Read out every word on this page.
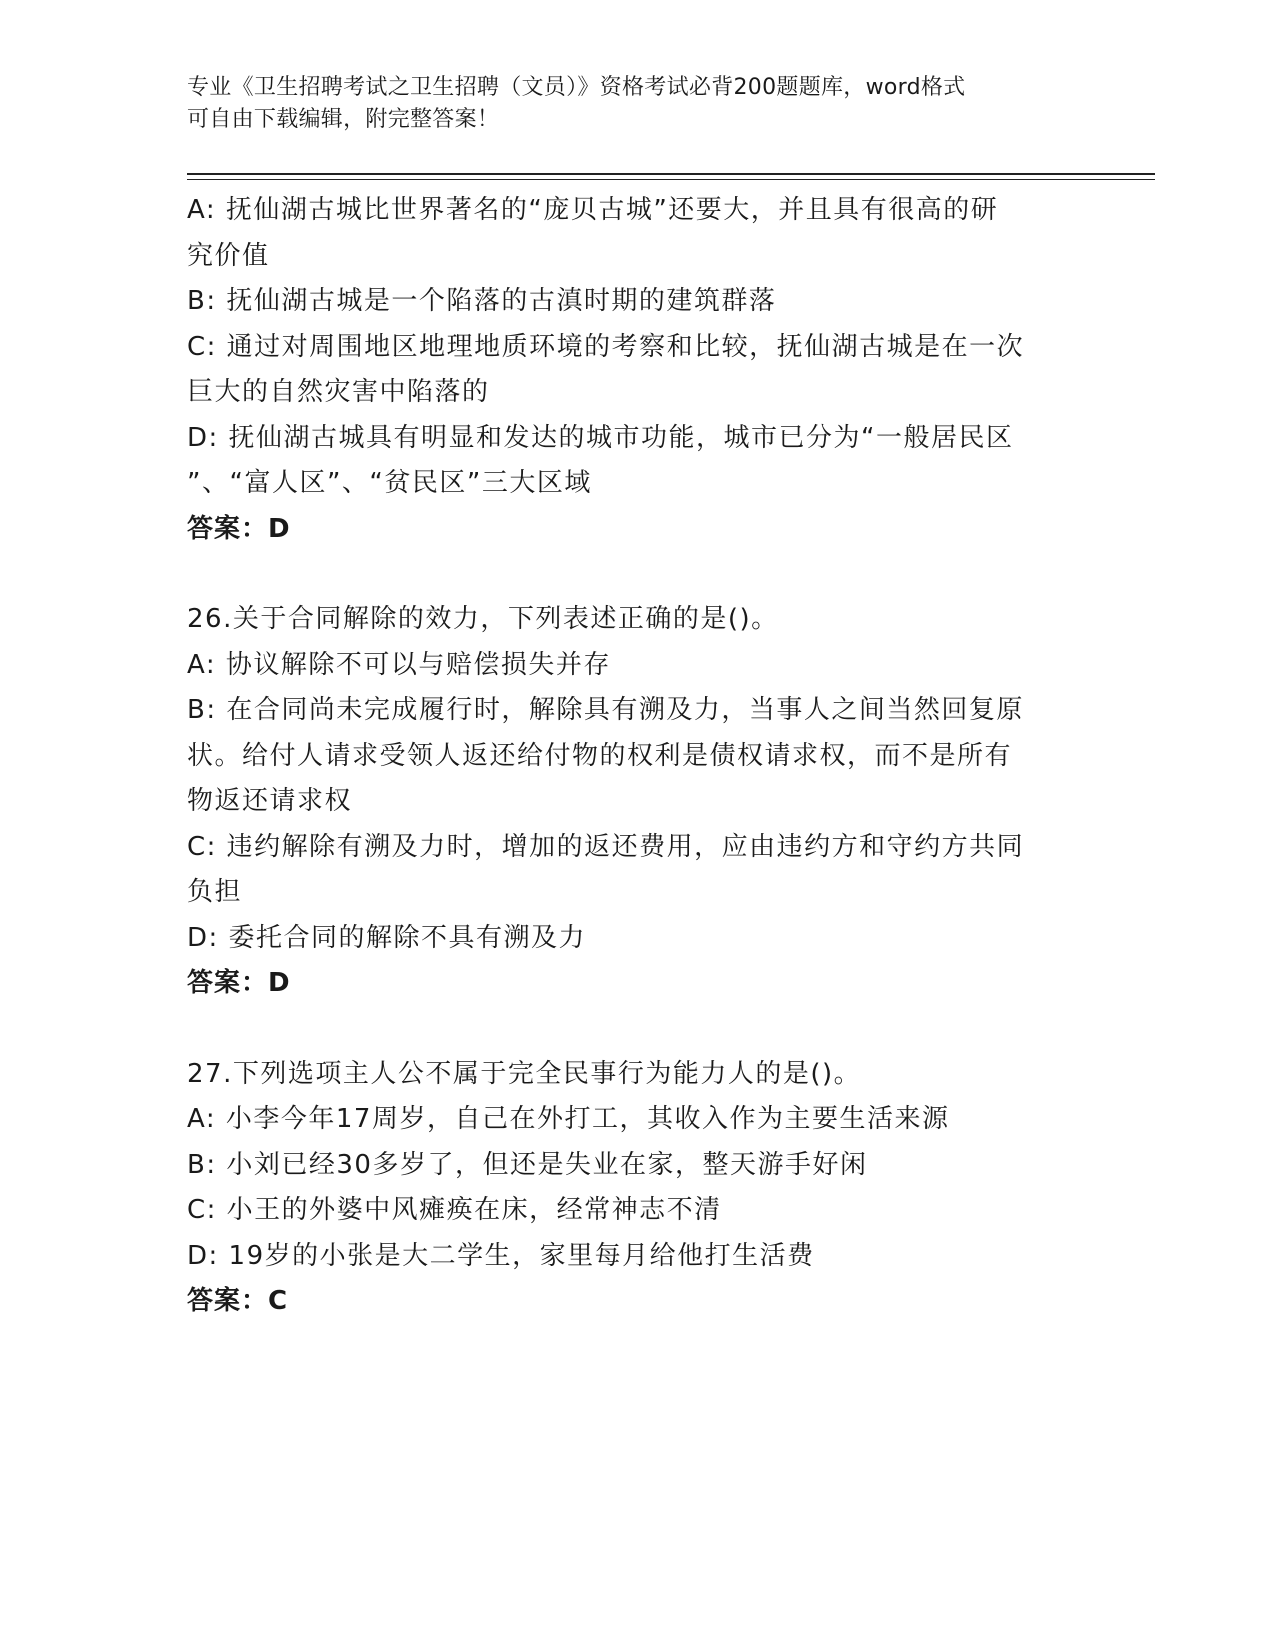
专业《卫生招聘考试之卫生招聘（文员）》资格考试必背200题题库，word格式
可自由下载编辑，附完整答案！

A: 抚仙湖古城比世界著名的“庞贝古城”还要大，并且具有很高的研

究价值

B: 抚仙湖古城是一个陷落的古滇时期的建筑群落

C: 通过对周围地区地理地质环境的考察和比较，抚仙湖古城是在一次

巨大的自然灾害中陷落的

D: 抚仙湖古城具有明显和发达的城市功能，城市已分为“一般居民区

”、“富人区”、“贫民区”三大区域

答案：D

26.关于合同解除的效力，下列表述正确的是()。

A: 协议解除不可以与赔偿损失并存

B: 在合同尚未完成履行时，解除具有溯及力，当事人之间当然回复原

状。给付人请求受领人返还给付物的权利是债权请求权，而不是所有

物返还请求权

C: 违约解除有溯及力时，增加的返还费用，应由违约方和守约方共同

负担

D: 委托合同的解除不具有溯及力

答案：D

27.下列选项主人公不属于完全民事行为能力人的是()。

A: 小李今年17周岁，自己在外打工，其收入作为主要生活来源

B: 小刘已经30多岁了，但还是失业在家，整天游手好闲

C: 小王的外婆中风瘫痪在床，经常神志不清

D: 19岁的小张是大二学生，家里每月给他打生活费

答案：C
